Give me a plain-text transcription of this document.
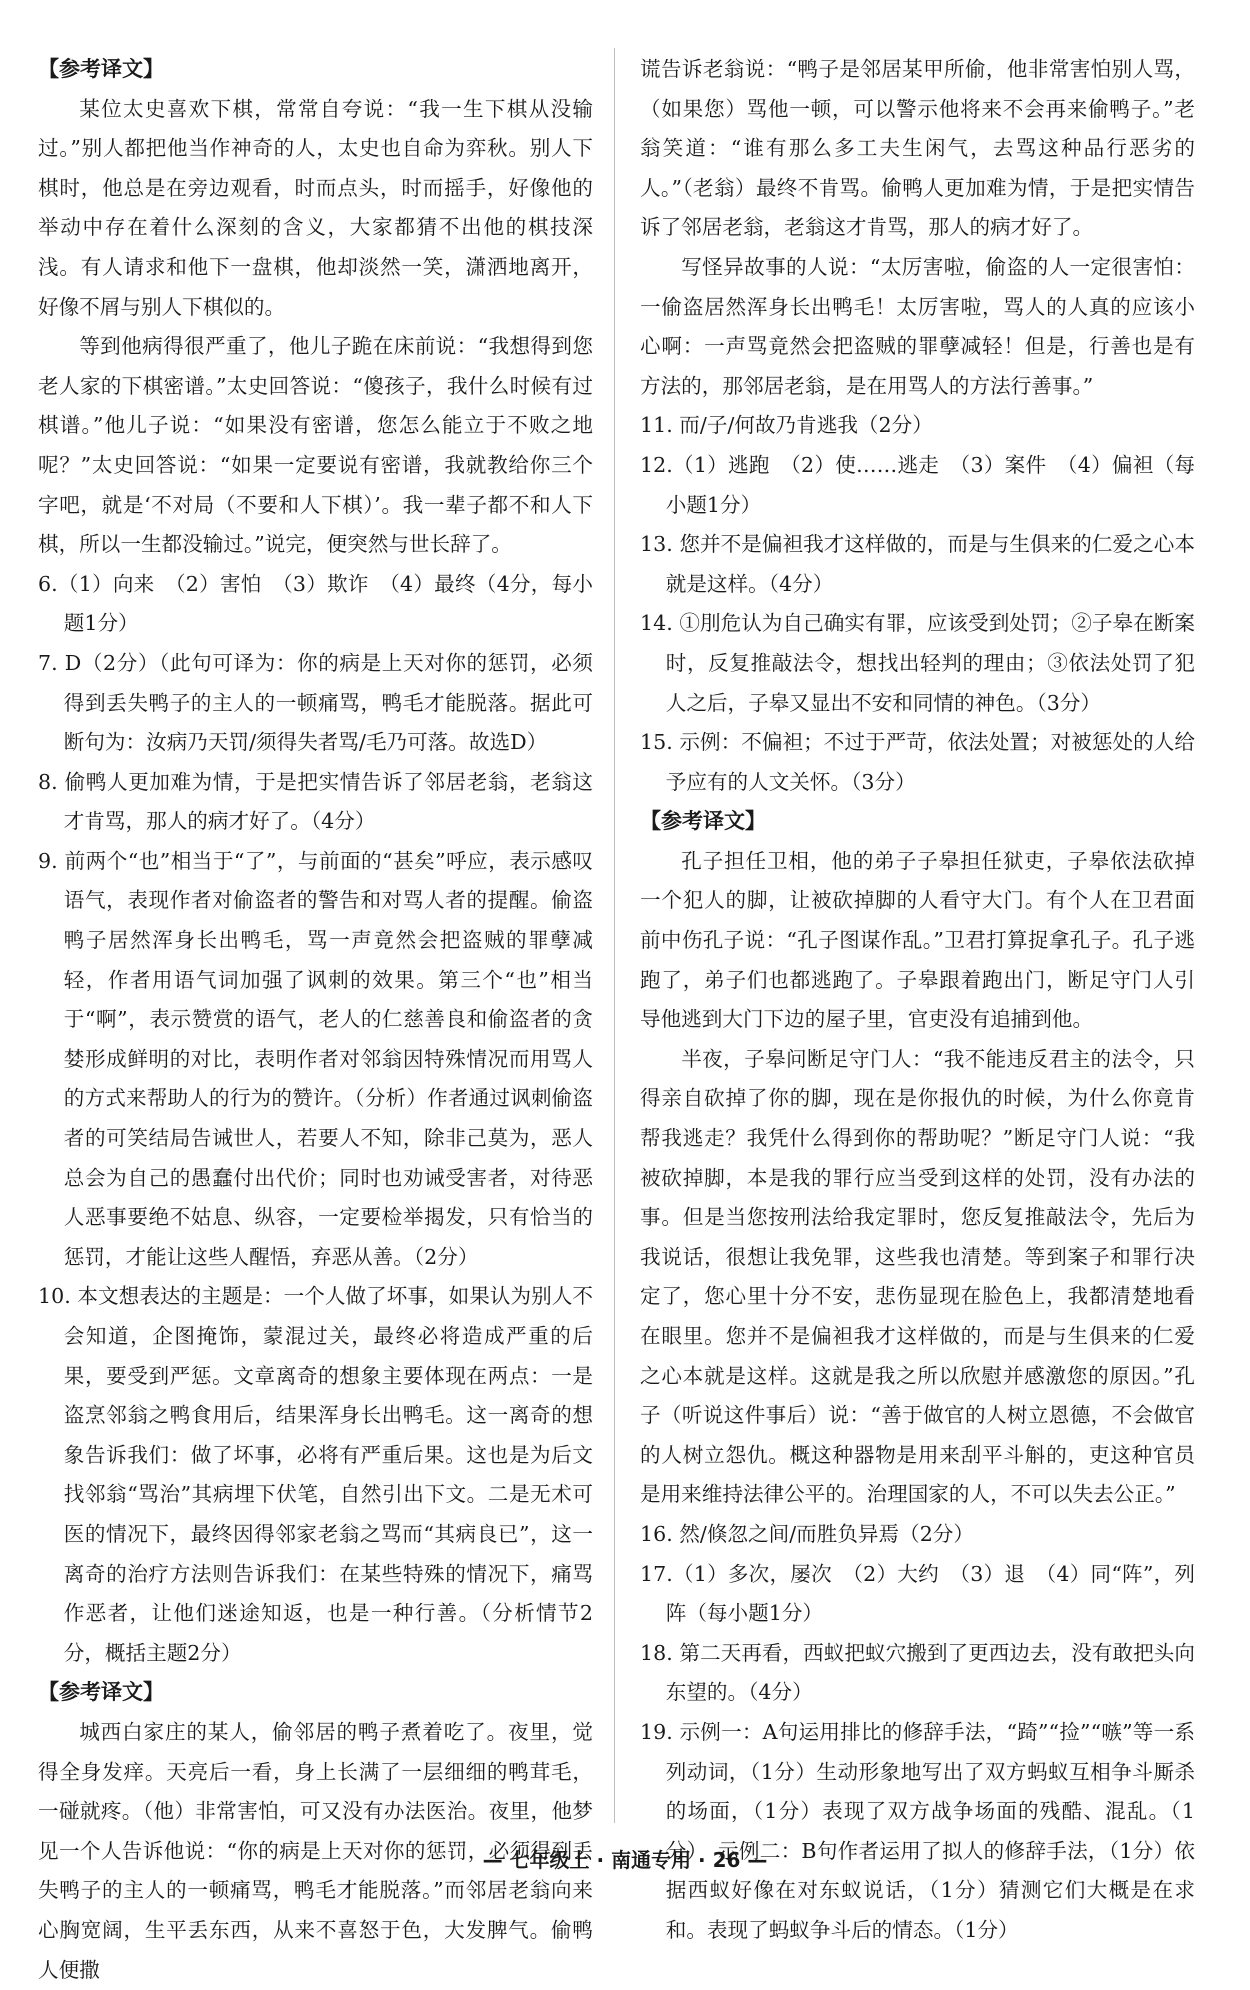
【参考译文】

某位太史喜欢下棋，常常自夸说：“我一生下棋从没输过。”别人都把他当作神奇的人，太史也自命为弈秋。别人下棋时，他总是在旁边观看，时而点头，时而摇手，好像他的举动中存在着什么深刻的含义，大家都猜不出他的棋技深浅。有人请求和他下一盘棋，他却淡然一笑，潇洒地离开，好像不屑与别人下棋似的。

等到他病得很严重了，他儿子跪在床前说：“我想得到您老人家的下棋密谱。”太史回答说：“傻孩子，我什么时候有过棋谱。”他儿子说：“如果没有密谱，您怎么能立于不败之地呢？”太史回答说：“如果一定要说有密谱，我就教给你三个字吧，就是‘不对局（不要和人下棋）’。我一辈子都不和人下棋，所以一生都没输过。”说完，便突然与世长辞了。

6.（1）向来　（2）害怕　（3）欺诈　（4）最终（4分，每小题1分）

7. D（2分）（此句可译为：你的病是上天对你的惩罚，必须得到丢失鸭子的主人的一顿痛骂，鸭毛才能脱落。据此可断句为：汝病乃天罚/须得失者骂/毛乃可落。故选D）

8. 偷鸭人更加难为情，于是把实情告诉了邻居老翁，老翁这才肯骂，那人的病才好了。（4分）

9. 前两个“也”相当于“了”，与前面的“甚矣”呼应，表示感叹语气，表现作者对偷盗者的警告和对骂人者的提醒。偷盗鸭子居然浑身长出鸭毛，骂一声竟然会把盗贼的罪孽减轻，作者用语气词加强了讽刺的效果。第三个“也”相当于“啊”，表示赞赏的语气，老人的仁慈善良和偷盗者的贪婪形成鲜明的对比，表明作者对邻翁因特殊情况而用骂人的方式来帮助人的行为的赞许。（分析）作者通过讽刺偷盗者的可笑结局告诫世人，若要人不知，除非己莫为，恶人总会为自己的愚蠢付出代价；同时也劝诫受害者，对待恶人恶事要绝不姑息、纵容，一定要检举揭发，只有恰当的惩罚，才能让这些人醒悟，弃恶从善。（2分）

10. 本文想表达的主题是：一个人做了坏事，如果认为别人不会知道，企图掩饰，蒙混过关，最终必将造成严重的后果，要受到严惩。文章离奇的想象主要体现在两点：一是盗烹邻翁之鸭食用后，结果浑身长出鸭毛。这一离奇的想象告诉我们：做了坏事，必将有严重后果。这也是为后文找邻翁“骂治”其病埋下伏笔，自然引出下文。二是无术可医的情况下，最终因得邻家老翁之骂而“其病良已”，这一离奇的治疗方法则告诉我们：在某些特殊的情况下，痛骂作恶者，让他们迷途知返，也是一种行善。（分析情节2分，概括主题2分）

【参考译文】

城西白家庄的某人，偷邻居的鸭子煮着吃了。夜里，觉得全身发痒。天亮后一看，身上长满了一层细细的鸭茸毛，一碰就疼。（他）非常害怕，可又没有办法医治。夜里，他梦见一个人告诉他说：“你的病是上天对你的惩罚，必须得到丢失鸭子的主人的一顿痛骂，鸭毛才能脱落。”而邻居老翁向来心胸宽阔，生平丢东西，从来不喜怒于色，大发脾气。偷鸭人便撒

谎告诉老翁说：“鸭子是邻居某甲所偷，他非常害怕别人骂，（如果您）骂他一顿，可以警示他将来不会再来偷鸭子。”老翁笑道：“谁有那么多工夫生闲气，去骂这种品行恶劣的人。”（老翁）最终不肯骂。偷鸭人更加难为情，于是把实情告诉了邻居老翁，老翁这才肯骂，那人的病才好了。

写怪异故事的人说：“太厉害啦，偷盗的人一定很害怕：一偷盗居然浑身长出鸭毛！太厉害啦，骂人的人真的应该小心啊：一声骂竟然会把盗贼的罪孽减轻！但是，行善也是有方法的，那邻居老翁，是在用骂人的方法行善事。”

11. 而/子/何故乃肯逃我（2分）

12.（1）逃跑　（2）使……逃走　（3）案件　（4）偏袒（每小题1分）

13. 您并不是偏袒我才这样做的，而是与生俱来的仁爱之心本就是这样。（4分）

14. ①刖危认为自己确实有罪，应该受到处罚；②子皋在断案时，反复推敲法令，想找出轻判的理由；③依法处罚了犯人之后，子皋又显出不安和同情的神色。（3分）

15. 示例：不偏袒；不过于严苛，依法处置；对被惩处的人给予应有的人文关怀。（3分）

【参考译文】

孔子担任卫相，他的弟子子皋担任狱吏，子皋依法砍掉一个犯人的脚，让被砍掉脚的人看守大门。有个人在卫君面前中伤孔子说：“孔子图谋作乱。”卫君打算捉拿孔子。孔子逃跑了，弟子们也都逃跑了。子皋跟着跑出门，断足守门人引导他逃到大门下边的屋子里，官吏没有追捕到他。

半夜，子皋问断足守门人：“我不能违反君主的法令，只得亲自砍掉了你的脚，现在是你报仇的时候，为什么你竟肯帮我逃走？我凭什么得到你的帮助呢？”断足守门人说：“我被砍掉脚，本是我的罪行应当受到这样的处罚，没有办法的事。但是当您按刑法给我定罪时，您反复推敲法令，先后为我说话，很想让我免罪，这些我也清楚。等到案子和罪行决定了，您心里十分不安，悲伤显现在脸色上，我都清楚地看在眼里。您并不是偏袒我才这样做的，而是与生俱来的仁爱之心本就是这样。这就是我之所以欣慰并感激您的原因。”孔子（听说这件事后）说：“善于做官的人树立恩德，不会做官的人树立怨仇。概这种器物是用来刮平斗斛的，吏这种官员是用来维持法律公平的。治理国家的人，不可以失去公正。”

16. 然/倏忽之间/而胜负异焉（2分）

17.（1）多次，屡次　（2）大约　（3）退　（4）同“阵”，列阵（每小题1分）

18. 第二天再看，西蚁把蚁穴搬到了更西边去，没有敢把头向东望的。（4分）

19. 示例一：A句运用排比的修辞手法，“踦”“捡”“嗾”等一系列动词，（1分）生动形象地写出了双方蚂蚁互相争斗厮杀的场面，（1分）表现了双方战争场面的残酷、混乱。（1分）　示例二：B句作者运用了拟人的修辞手法，（1分）依据西蚁好像在对东蚁说话，（1分）猜测它们大概是在求和。表现了蚂蚁争斗后的情态。（1分）

— 七年级上 · 南通专用 · 26 —
